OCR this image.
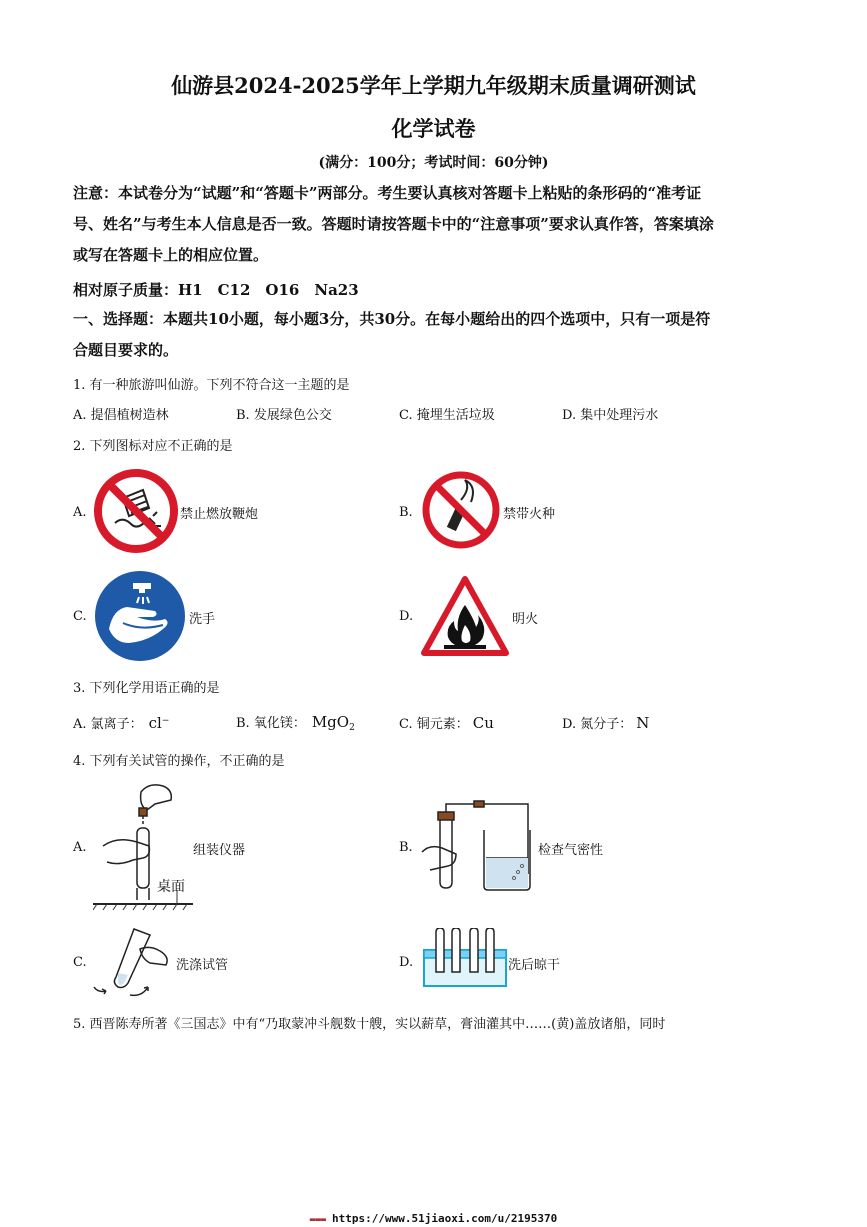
仙游县2024-2025学年上学期九年级期末质量调研测试
化学试卷
(满分：100分；考试时间：60分钟)
注意：本试卷分为“试题”和“答题卡”两部分。考生要认真核对答题卡上粘贴的条形码的“准考证号、姓名”与考生本人信息是否一致。答题时请按答题卡中的“注意事项”要求认真作答，答案填涂或写在答题卡上的相应位置。
相对原子质量：H1　C12　O16　Na23
一、选择题：本题共10小题，每小题3分，共30分。在每小题给出的四个选项中，只有一项是符合题目要求的。
1. 有一种旅游叫仙游。下列不符合这一主题的是
A. 提倡植树造林	B. 发展绿色公交	C. 掩埋生活垃圾	D. 集中处理污水
2. 下列图标对应不正确的是
A.	禁止燃放鞭炮	B.	禁带火种
C.	洗手	D.	明火
3. 下列化学用语正确的是
A. 氯离子： cl−	B. 氧化镁： MgO$_2$	C. 铜元素： Cu	D. 氮分子： N
4. 下列有关试管的操作，不正确的是
A.
桌面
组装仪器	B.	检查气密性
C.	洗涤试管	D.	洗后晾干
5. 西晋陈寿所著《三国志》中有“乃取蒙冲斗舰数十艘，实以薪草，膏油灌其中……(黄)盖放诸船，同时
▬▬▬ https://www.51jiaoxi.com/u/2195370
